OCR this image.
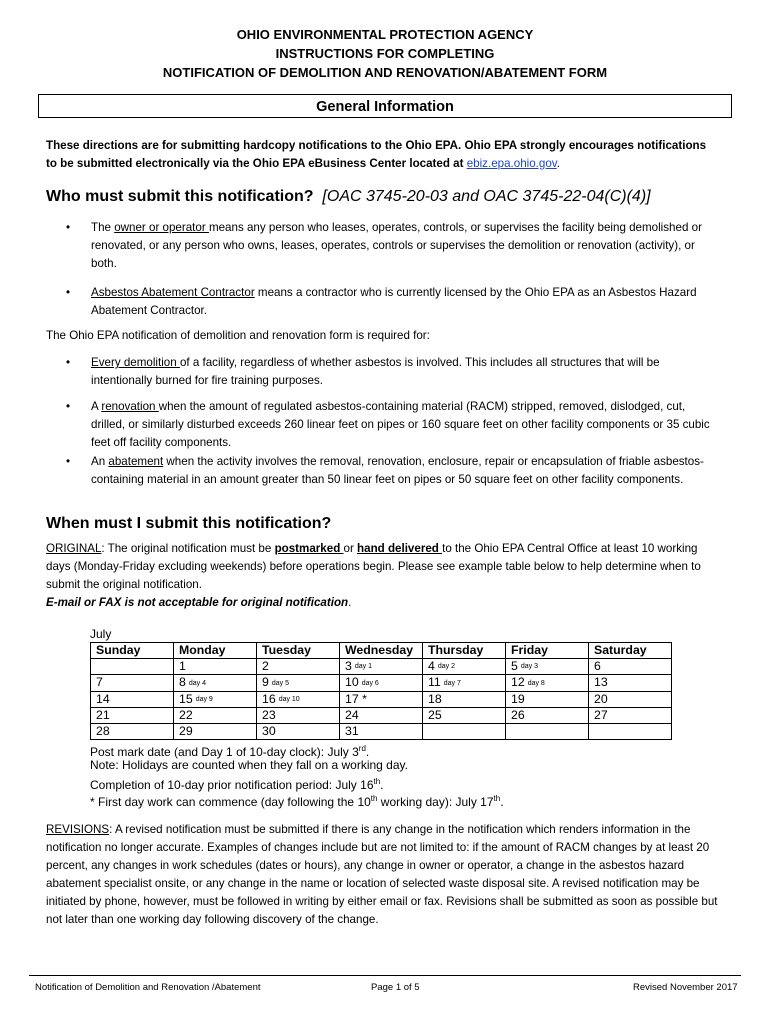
OHIO ENVIRONMENTAL PROTECTION AGENCY
INSTRUCTIONS FOR COMPLETING
NOTIFICATION OF DEMOLITION AND RENOVATION/ABATEMENT FORM
General Information
These directions are for submitting hardcopy notifications to the Ohio EPA. Ohio EPA strongly encourages notifications to be submitted electronically via the Ohio EPA eBusiness Center located at ebiz.epa.ohio.gov.
Who must submit this notification? [OAC 3745-20-03 and OAC 3745-22-04(C)(4)]
• The owner or operator means any person who leases, operates, controls, or supervises the facility being demolished or renovated, or any person who owns, leases, operates, controls or supervises the demolition or renovation (activity), or both.
• Asbestos Abatement Contractor means a contractor who is currently licensed by the Ohio EPA as an Asbestos Hazard Abatement Contractor.
The Ohio EPA notification of demolition and renovation form is required for:
• Every demolition of a facility, regardless of whether asbestos is involved. This includes all structures that will be intentionally burned for fire training purposes.
• A renovation when the amount of regulated asbestos-containing material (RACM) stripped, removed, dislodged, cut, drilled, or similarly disturbed exceeds 260 linear feet on pipes or 160 square feet on other facility components or 35 cubic feet off facility components.
• An abatement when the activity involves the removal, renovation, enclosure, repair or encapsulation of friable asbestos-containing material in an amount greater than 50 linear feet on pipes or 50 square feet on other facility components.
When must I submit this notification?
ORIGINAL: The original notification must be postmarked or hand delivered to the Ohio EPA Central Office at least 10 working days (Monday-Friday excluding weekends) before operations begin. Please see example table below to help determine when to submit the original notification.
E-mail or FAX is not acceptable for original notification.
July
Sunday	Monday	Tuesday	Wednesday	Thursday	Friday	Saturday
	1	2	3 day 1	4 day 2	5 day 3	6
7	8 day 4	9 day 5	10 day 6	11 day 7	12 day 8	13
14	15 day 9	16 day 10	17 *	18	19	20
21	22	23	24	25	26	27
28	29	30	31			
Post mark date (and Day 1 of 10-day clock): July 3rd.
Note: Holidays are counted when they fall on a working day.
Completion of 10-day prior notification period: July 16th.
* First day work can commence (day following the 10th working day): July 17th.
REVISIONS: A revised notification must be submitted if there is any change in the notification which renders information in the notification no longer accurate. Examples of changes include but are not limited to: if the amount of RACM changes by at least 20 percent, any changes in work schedules (dates or hours), any change in owner or operator, a change in the asbestos hazard abatement specialist onsite, or any change in the name or location of selected waste disposal site. A revised notification may be initiated by phone, however, must be followed in writing by either email or fax. Revisions shall be submitted as soon as possible but not later than one working day following discovery of the change.
Notification of Demolition and Renovation /Abatement	Page 1 of 5	Revised November 2017
